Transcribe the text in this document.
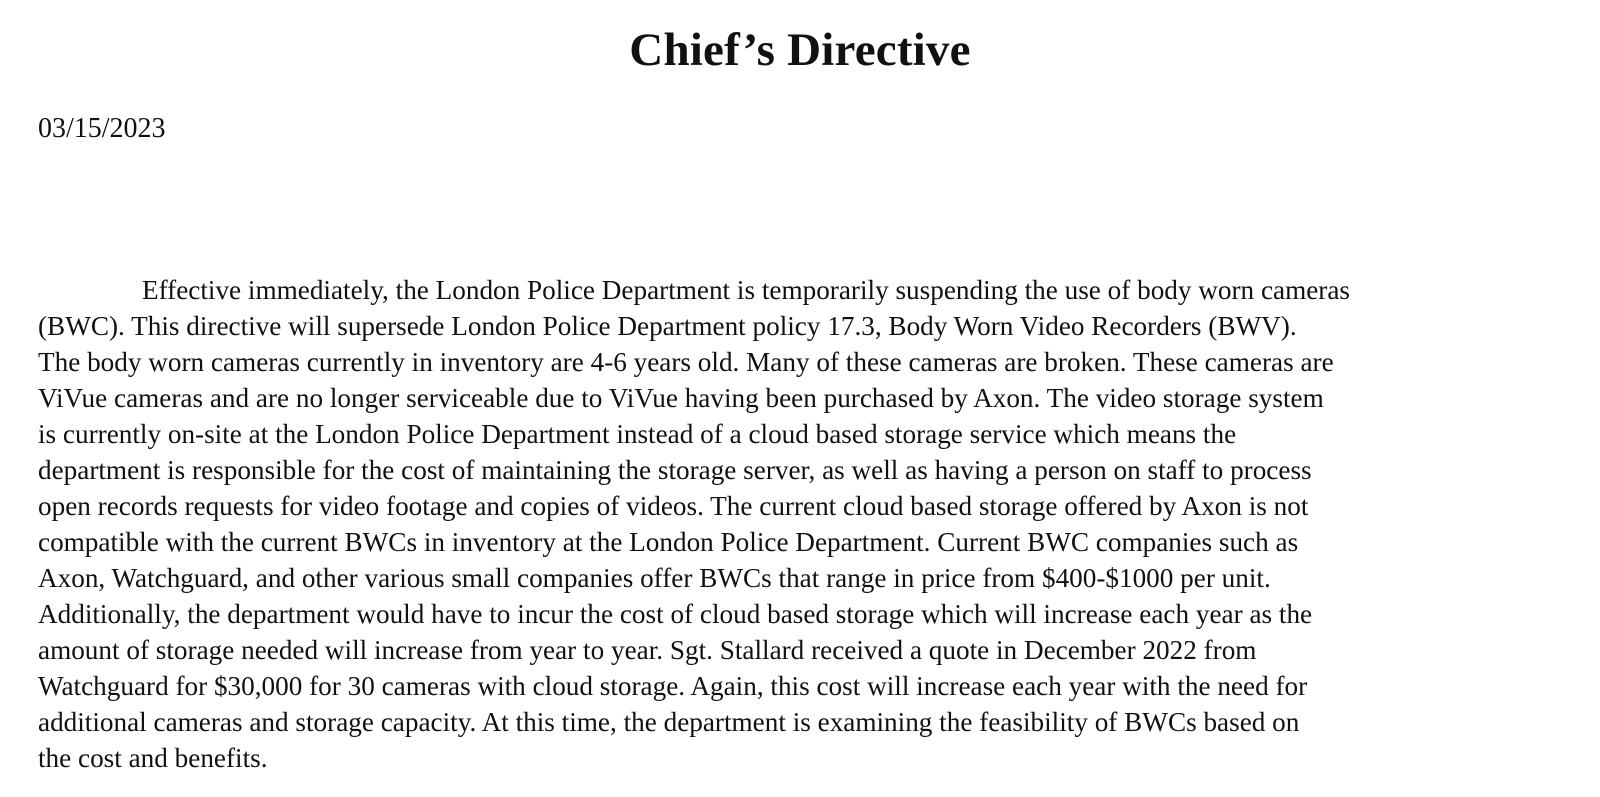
Chief’s Directive

03/15/2023

Effective immediately, the London Police Department is temporarily suspending the use of body worn cameras
(BWC). This directive will supersede London Police Department policy 17.3, Body Worn Video Recorders (BWV).
The body worn cameras currently in inventory are 4-6 years old. Many of these cameras are broken. These cameras are
ViVue cameras and are no longer serviceable due to ViVue having been purchased by Axon. The video storage system
is currently on-site at the London Police Department instead of a cloud based storage service which means the
department is responsible for the cost of maintaining the storage server, as well as having a person on staff to process
open records requests for video footage and copies of videos. The current cloud based storage offered by Axon is not
compatible with the current BWCs in inventory at the London Police Department. Current BWC companies such as
Axon, Watchguard, and other various small companies offer BWCs that range in price from $400-$1000 per unit.
Additionally, the department would have to incur the cost of cloud based storage which will increase each year as the
amount of storage needed will increase from year to year. Sgt. Stallard received a quote in December 2022 from
Watchguard for $30,000 for 30 cameras with cloud storage. Again, this cost will increase each year with the need for
additional cameras and storage capacity. At this time, the department is examining the feasibility of BWCs based on
the cost and benefits.
